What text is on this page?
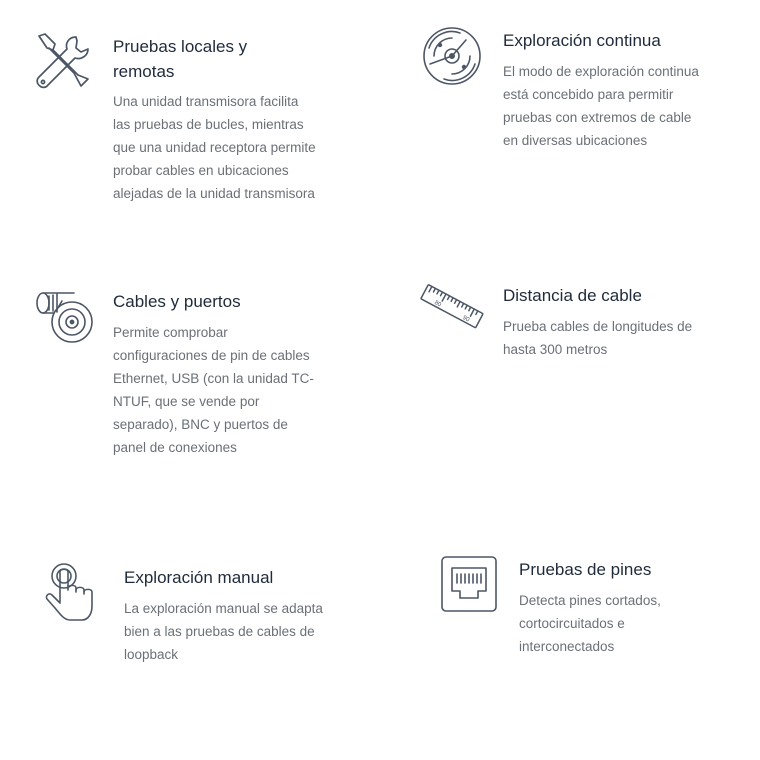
Pruebas locales y remotas

Una unidad transmisora facilita las pruebas de bucles, mientras que una unidad receptora permite probar cables en ubicaciones alejadas de la unidad transmisora

Exploración continua

El modo de exploración continua está concebido para permitir pruebas con extremos de cable en diversas ubicaciones

Cables y puertos

Permite comprobar configuraciones de pin de cables Ethernet, USB (con la unidad TC-NTUF, que se vende por separado), BNC y puertos de panel de conexiones

80
90
Distancia de cable

Prueba cables de longitudes de hasta 300 metros

Exploración manual

La exploración manual se adapta bien a las pruebas de cables de loopback

Pruebas de pines

Detecta pines cortados, cortocircuitados e interconectados
